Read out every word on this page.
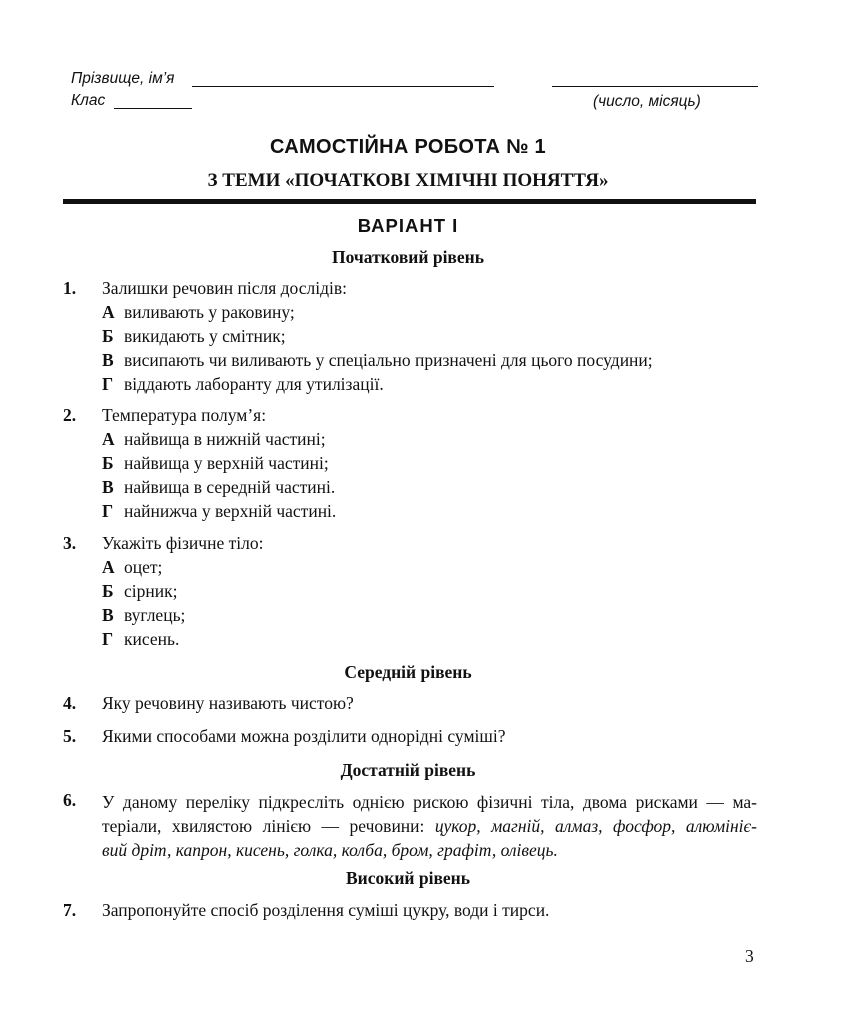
Прізвище, ім’я
Клас	(число, місяць)
САМОСТІЙНА РОБОТА № 1
З ТЕМИ «ПОЧАТКОВІ ХІМІЧНІ ПОНЯТТЯ»
ВАРІАНТ І
Початковий рівень
1. Залишки речовин після дослідів:
А виливають у раковину;
Б викидають у смітник;
В висипають чи виливають у спеціально призначені для цього посудини;
Г віддають лаборанту для утилізації.
2. Температура полум’я:
А найвища в нижній частині;
Б найвища у верхній частині;
В найвища в середній частині.
Г найнижча у верхній частині.
3. Укажіть фізичне тіло:
А оцет;
Б сірник;
В вуглець;
Г кисень.
Середній рівень
4. Яку речовину називають чистою?
5. Якими способами можна розділити однорідні суміші?
Достатній рівень
6. У даному переліку підкресліть однією рискою фізичні тіла, двома рисками — ма-
теріали, хвилястою лінією — речовини: цукор, магній, алмаз, фосфор, алюмініє-
вий дріт, капрон, кисень, голка, колба, бром, графіт, олівець.
Високий рівень
7. Запропонуйте спосіб розділення суміші цукру, води і тирси.
3
